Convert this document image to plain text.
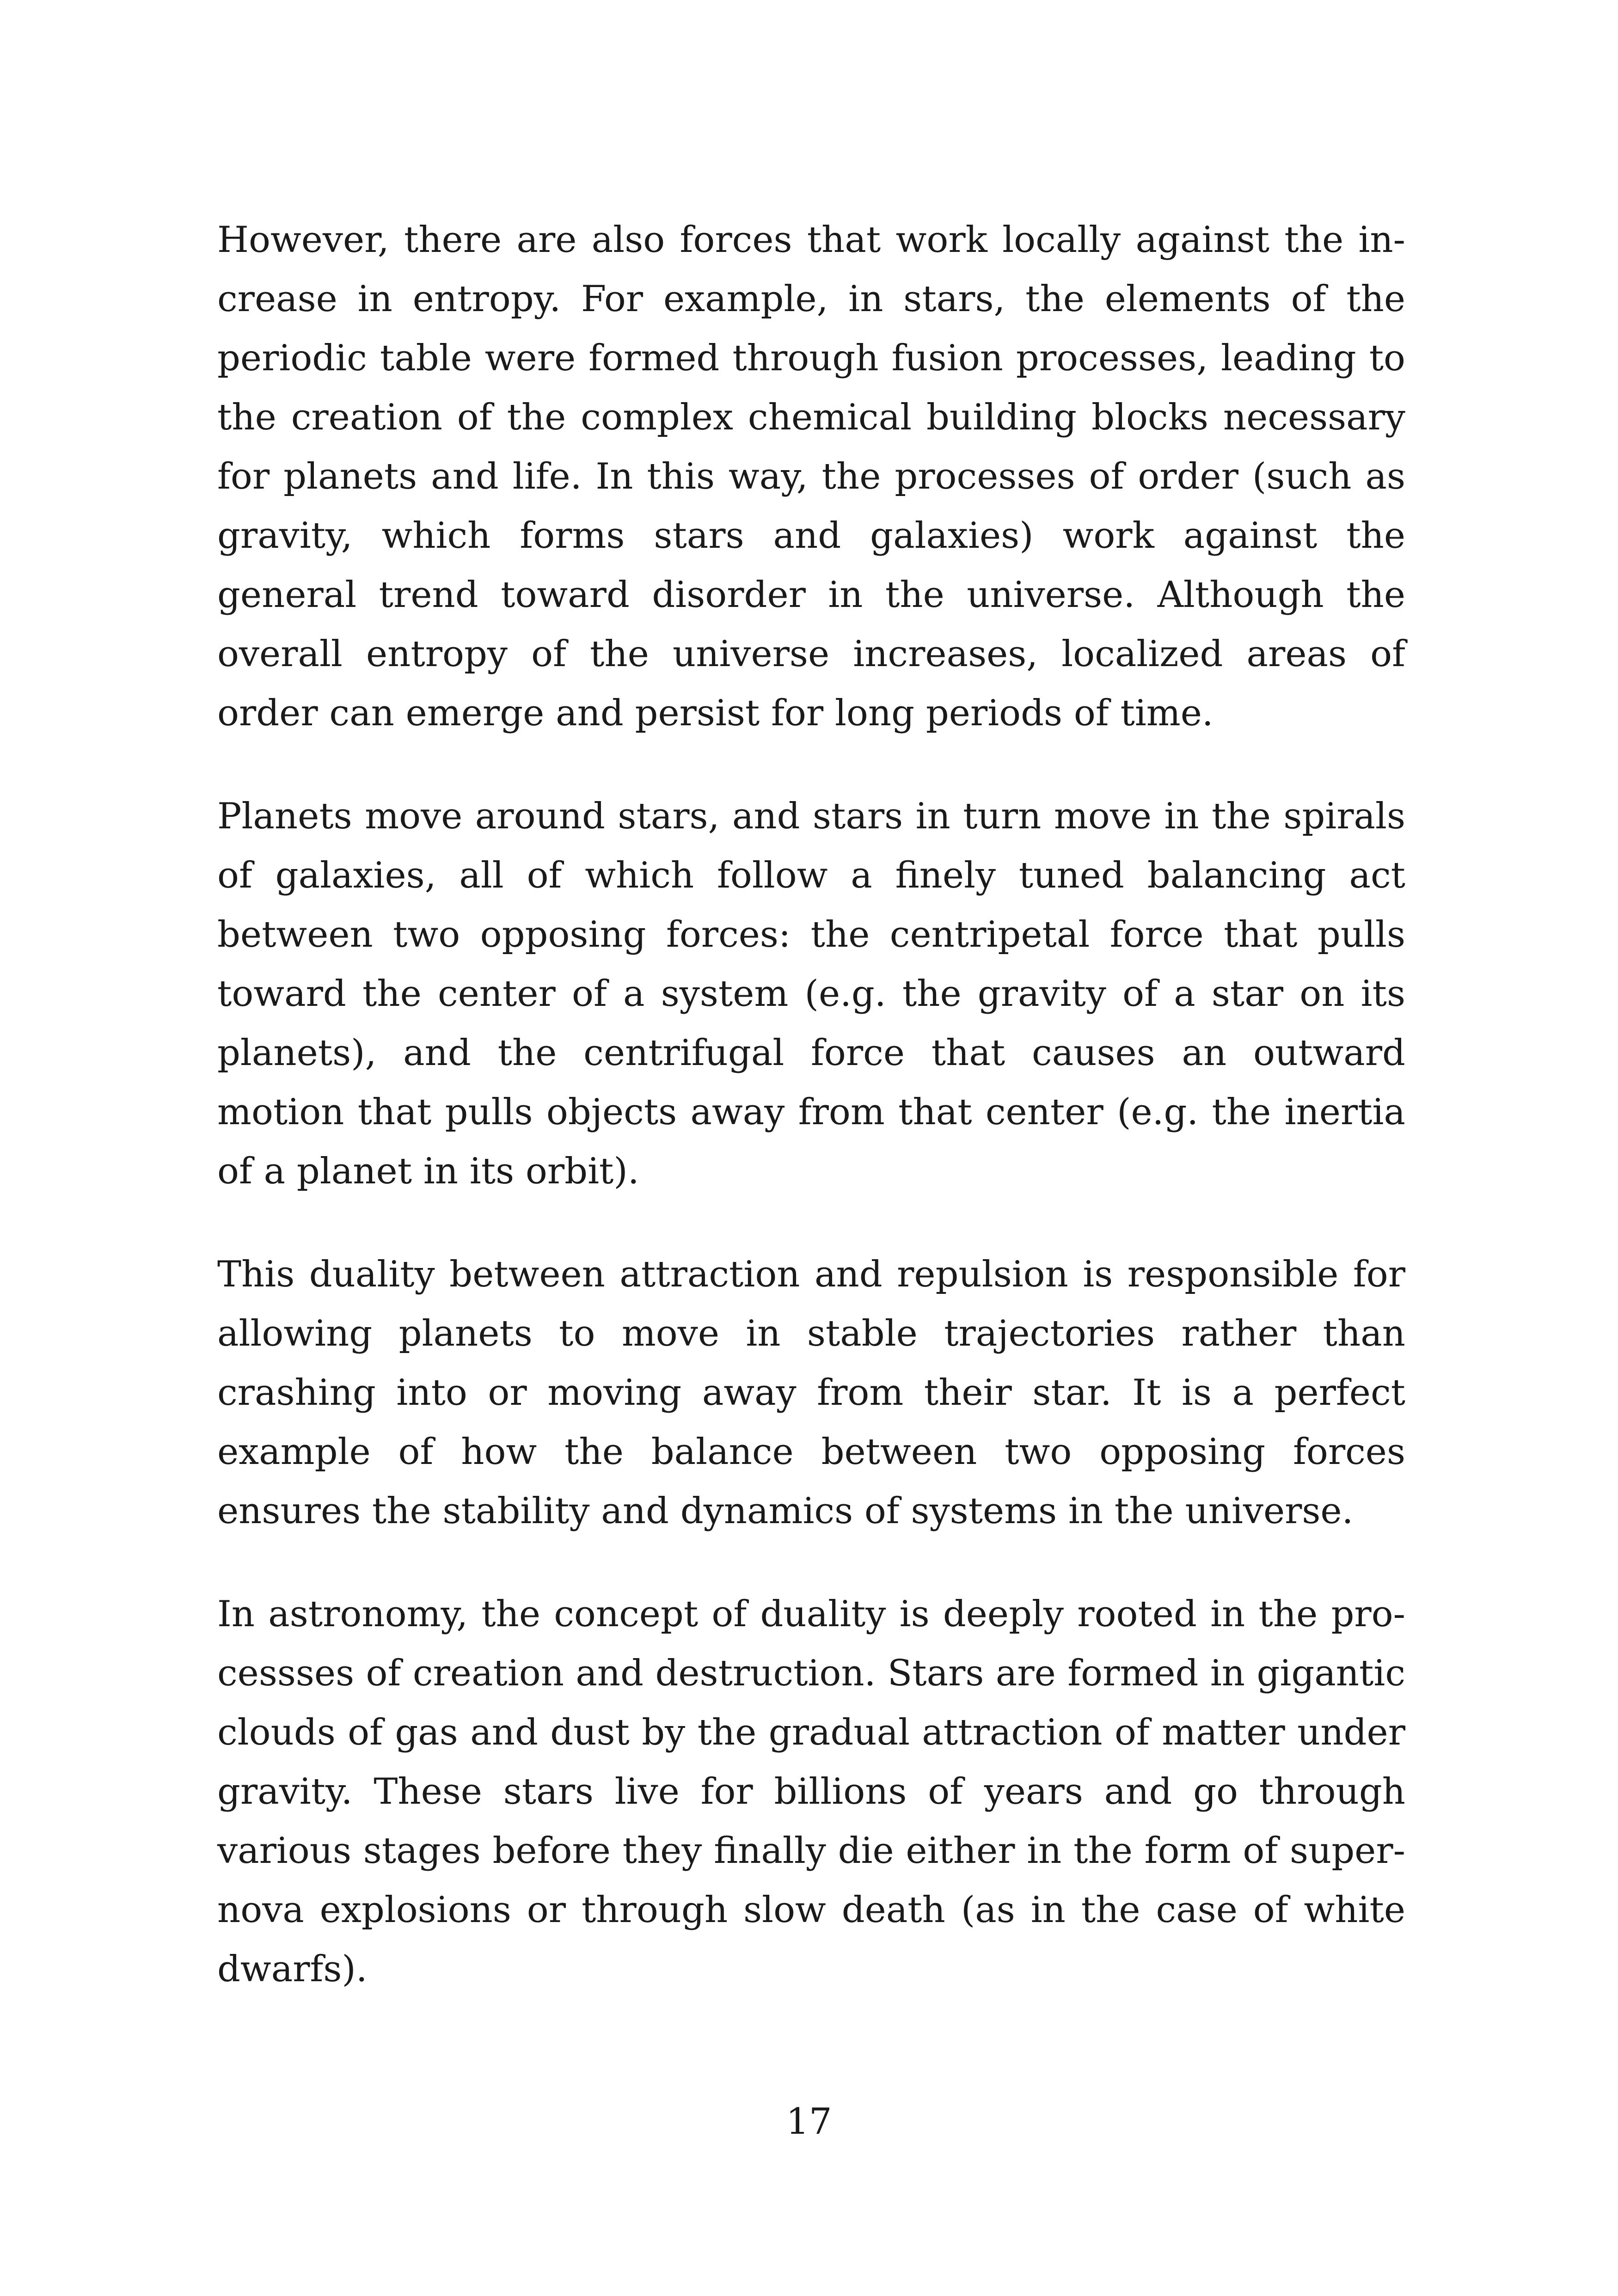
However, there are also forces that work locally against the increase in entropy. For example, in stars, the elements of the periodic table were formed through fusion processes, leading to the creation of the complex chemical building blocks necessary for planets and life. In this way, the processes of order (such as gravity, which forms stars and galaxies) work against the general trend toward disorder in the universe. Although the overall entropy of the universe increases, localized areas of order can emerge and persist for long periods of time.

Planets move around stars, and stars in turn move in the spirals of galaxies, all of which follow a finely tuned balancing act between two opposing forces: the centripetal force that pulls toward the center of a system (e.g. the gravity of a star on its planets), and the centrifugal force that causes an outward motion that pulls objects away from that center (e.g. the inertia of a planet in its orbit).

This duality between attraction and repulsion is responsible for allowing planets to move in stable trajectories rather than crashing into or moving away from their star. It is a perfect example of how the balance between two opposing forces ensures the stability and dynamics of systems in the universe.

In astronomy, the concept of duality is deeply rooted in the processses of creation and destruction. Stars are formed in gigantic clouds of gas and dust by the gradual attraction of matter under gravity. These stars live for billions of years and go through various stages before they finally die either in the form of supernova explosions or through slow death (as in the case of white dwarfs).

17
